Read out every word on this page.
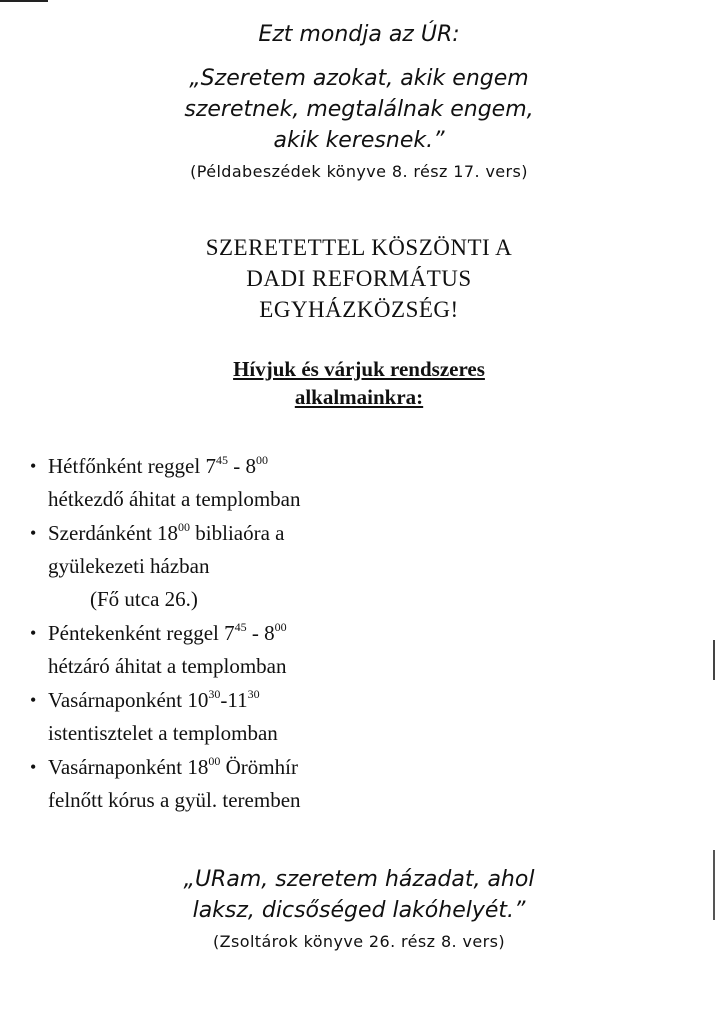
Ezt mondja az ÚR:
„Szeretem azokat, akik engem
szeretnek, megtalálnak engem,
akik keresnek.”
(Példabeszédek könyve 8. rész 17. vers)
SZERETETTEL KÖSZÖNTI A
DADI REFORMÁTUS
EGYHÁZKÖZSÉG!
Hívjuk és várjuk rendszeres
alkalmainkra:
• Hétfőnként reggel $7^{45} - 8^{00}$
hétkezdő áhitat a templomban
• Szerdánként $18^{00}$ bibliaóra a
gyülekezeti házban
(Fő utca 26.)
• Péntekenként reggel $7^{45} - 8^{00}$
hétzáró áhitat a templomban
• Vasárnaponként $10^{30}-11^{30}$
istentisztelet a templomban
• Vasárnaponként $18^{00}$ Örömhír
felnőtt kórus a gyül. teremben
„URam, szeretem házadat, ahol
laksz, dicsőséged lakóhelyét.”
(Zsoltárok könyve 26. rész 8. vers)
